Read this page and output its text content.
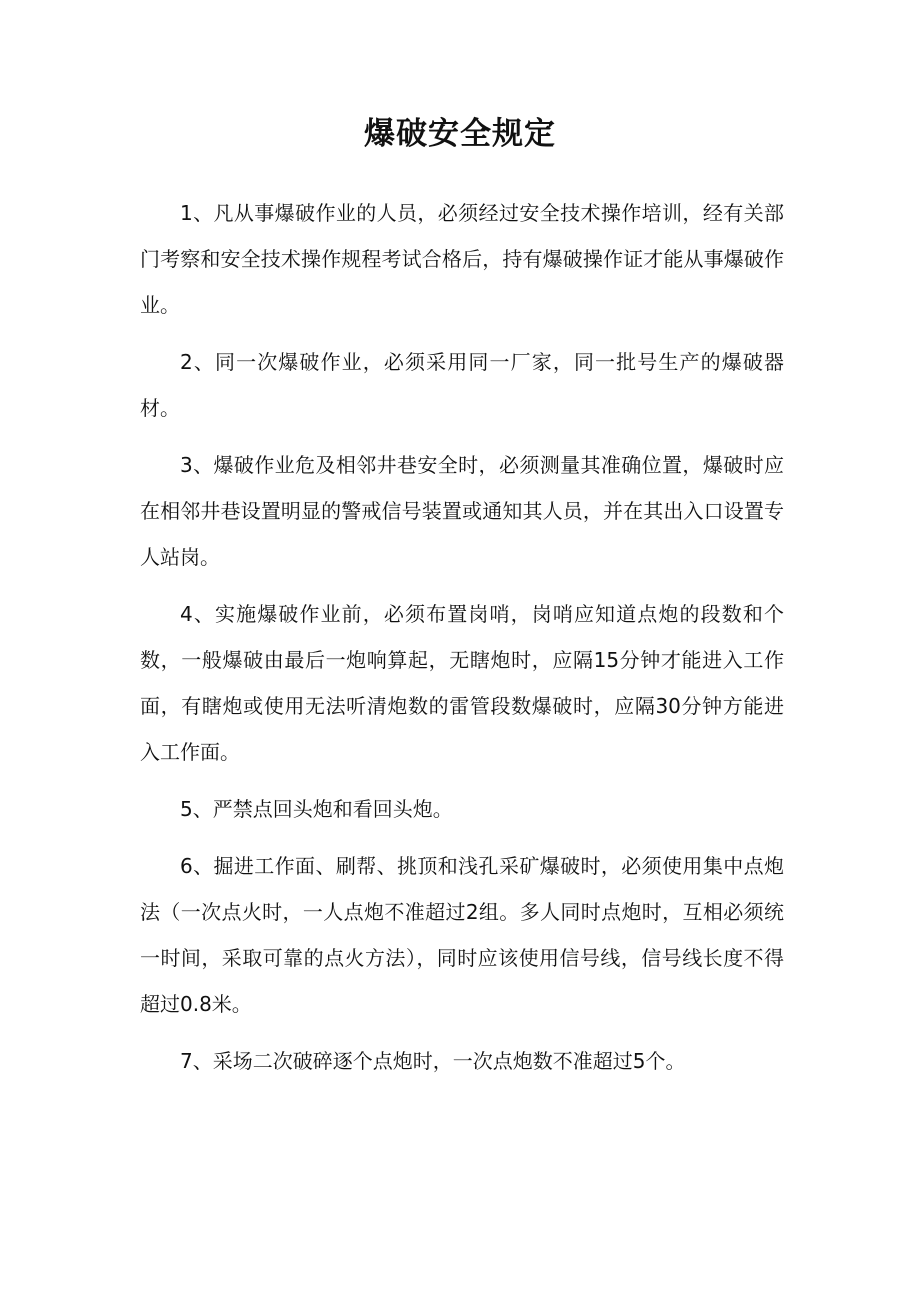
爆破安全规定

1、凡从事爆破作业的人员，必须经过安全技术操作培训，经有关部门考察和安全技术操作规程考试合格后，持有爆破操作证才能从事爆破作业。

2、同一次爆破作业，必须采用同一厂家，同一批号生产的爆破器材。

3、爆破作业危及相邻井巷安全时，必须测量其准确位置，爆破时应在相邻井巷设置明显的警戒信号装置或通知其人员，并在其出入口设置专人站岗。

4、实施爆破作业前，必须布置岗哨，岗哨应知道点炮的段数和个数，一般爆破由最后一炮响算起，无瞎炮时，应隔15分钟才能进入工作面，有瞎炮或使用无法听清炮数的雷管段数爆破时，应隔30分钟方能进入工作面。

5、严禁点回头炮和看回头炮。

6、掘进工作面、刷帮、挑顶和浅孔采矿爆破时，必须使用集中点炮法（一次点火时，一人点炮不准超过2组。多人同时点炮时，互相必须统一时间，采取可靠的点火方法），同时应该使用信号线，信号线长度不得超过0.8米。

7、采场二次破碎逐个点炮时，一次点炮数不准超过5个。
